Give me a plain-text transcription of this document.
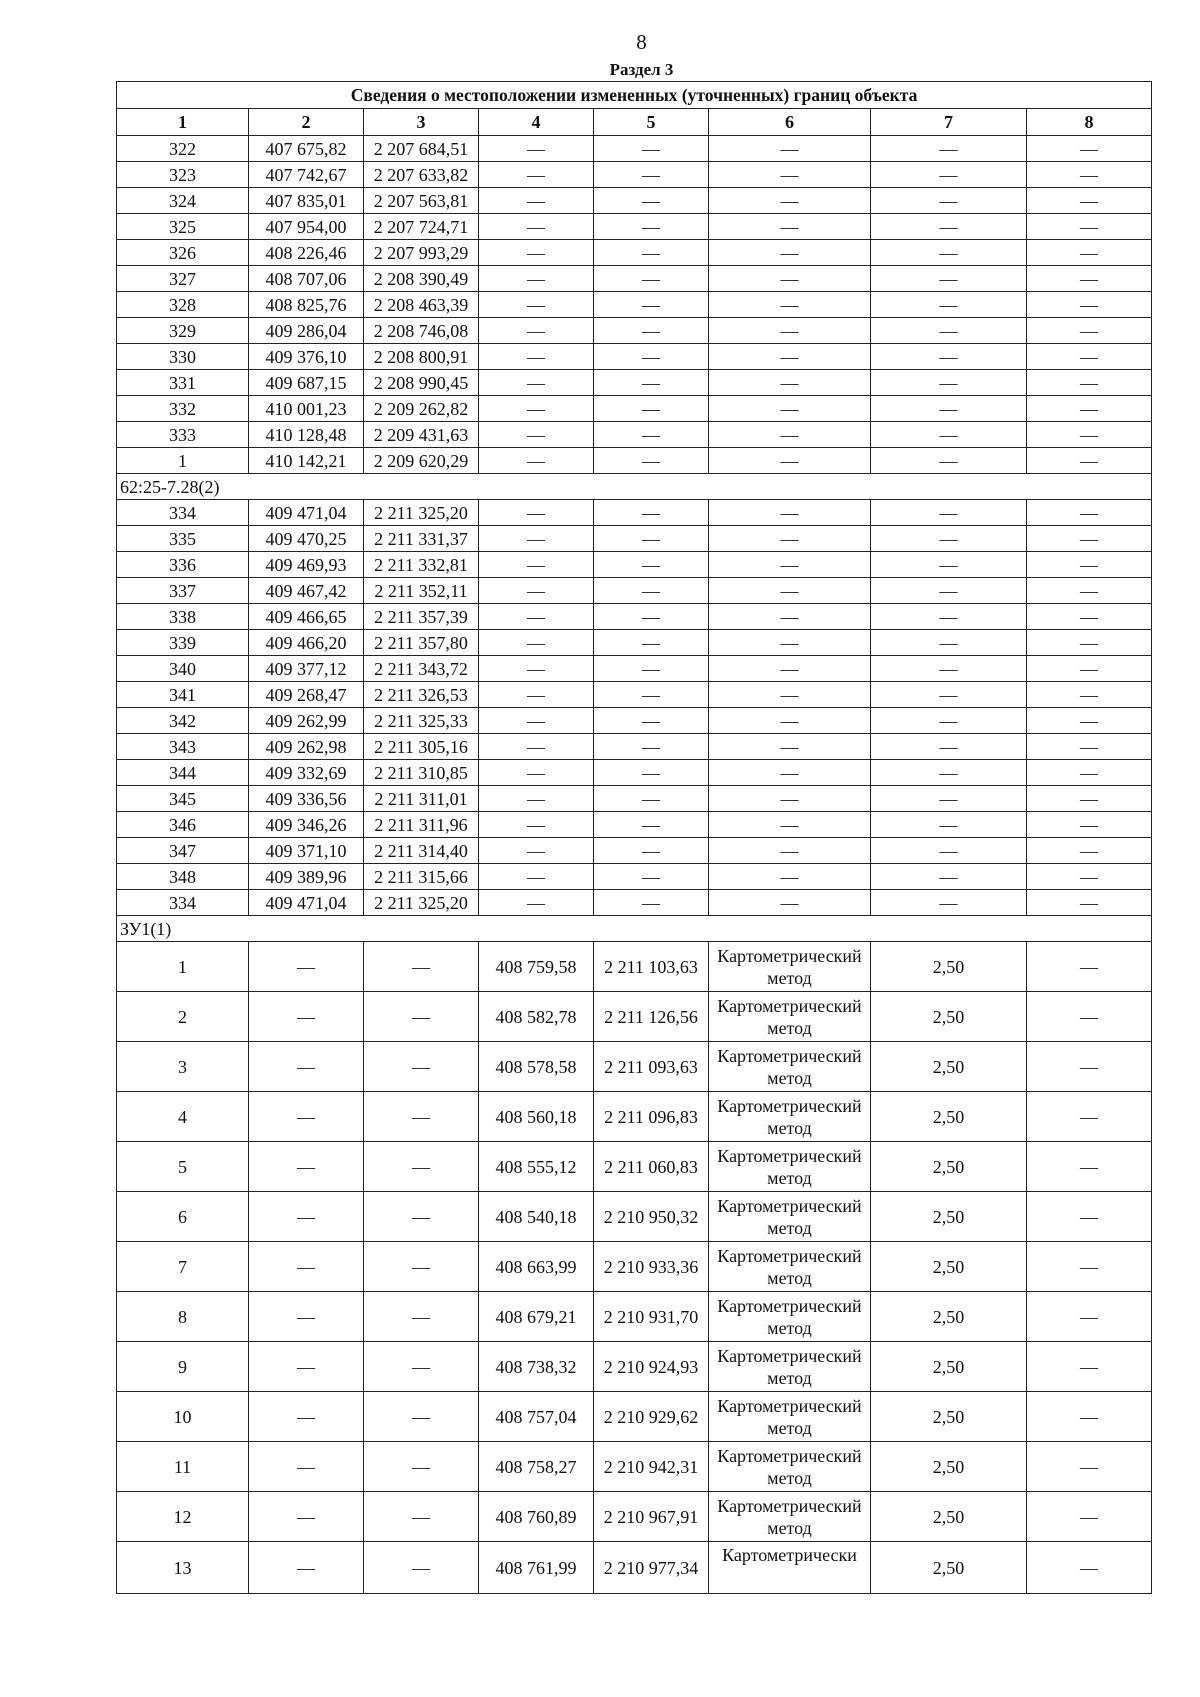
8
Раздел 3
Сведения о местоположении измененных (уточненных) границ объекта							
1	2	3	4	5	6	7	8
322	407 675,82	2 207 684,51	—	—	—	—	—
323	407 742,67	2 207 633,82	—	—	—	—	—
324	407 835,01	2 207 563,81	—	—	—	—	—
325	407 954,00	2 207 724,71	—	—	—	—	—
326	408 226,46	2 207 993,29	—	—	—	—	—
327	408 707,06	2 208 390,49	—	—	—	—	—
328	408 825,76	2 208 463,39	—	—	—	—	—
329	409 286,04	2 208 746,08	—	—	—	—	—
330	409 376,10	2 208 800,91	—	—	—	—	—
331	409 687,15	2 208 990,45	—	—	—	—	—
332	410 001,23	2 209 262,82	—	—	—	—	—
333	410 128,48	2 209 431,63	—	—	—	—	—
1	410 142,21	2 209 620,29	—	—	—	—	—
62:25-7.28(2)							
334	409 471,04	2 211 325,20	—	—	—	—	—
335	409 470,25	2 211 331,37	—	—	—	—	—
336	409 469,93	2 211 332,81	—	—	—	—	—
337	409 467,42	2 211 352,11	—	—	—	—	—
338	409 466,65	2 211 357,39	—	—	—	—	—
339	409 466,20	2 211 357,80	—	—	—	—	—
340	409 377,12	2 211 343,72	—	—	—	—	—
341	409 268,47	2 211 326,53	—	—	—	—	—
342	409 262,99	2 211 325,33	—	—	—	—	—
343	409 262,98	2 211 305,16	—	—	—	—	—
344	409 332,69	2 211 310,85	—	—	—	—	—
345	409 336,56	2 211 311,01	—	—	—	—	—
346	409 346,26	2 211 311,96	—	—	—	—	—
347	409 371,10	2 211 314,40	—	—	—	—	—
348	409 389,96	2 211 315,66	—	—	—	—	—
334	409 471,04	2 211 325,20	—	—	—	—	—
ЗУ1(1)							
1	—	—	408 759,58	2 211 103,63	Картометрический метод	2,50	—
2	—	—	408 582,78	2 211 126,56	Картометрический метод	2,50	—
3	—	—	408 578,58	2 211 093,63	Картометрический метод	2,50	—
4	—	—	408 560,18	2 211 096,83	Картометрический метод	2,50	—
5	—	—	408 555,12	2 211 060,83	Картометрический метод	2,50	—
6	—	—	408 540,18	2 210 950,32	Картометрический метод	2,50	—
7	—	—	408 663,99	2 210 933,36	Картометрический метод	2,50	—
8	—	—	408 679,21	2 210 931,70	Картометрический метод	2,50	—
9	—	—	408 738,32	2 210 924,93	Картометрический метод	2,50	—
10	—	—	408 757,04	2 210 929,62	Картометрический метод	2,50	—
11	—	—	408 758,27	2 210 942,31	Картометрический метод	2,50	—
12	—	—	408 760,89	2 210 967,91	Картометрический метод	2,50	—
13	—	—	408 761,99	2 210 977,34	Картометрически	2,50	—
